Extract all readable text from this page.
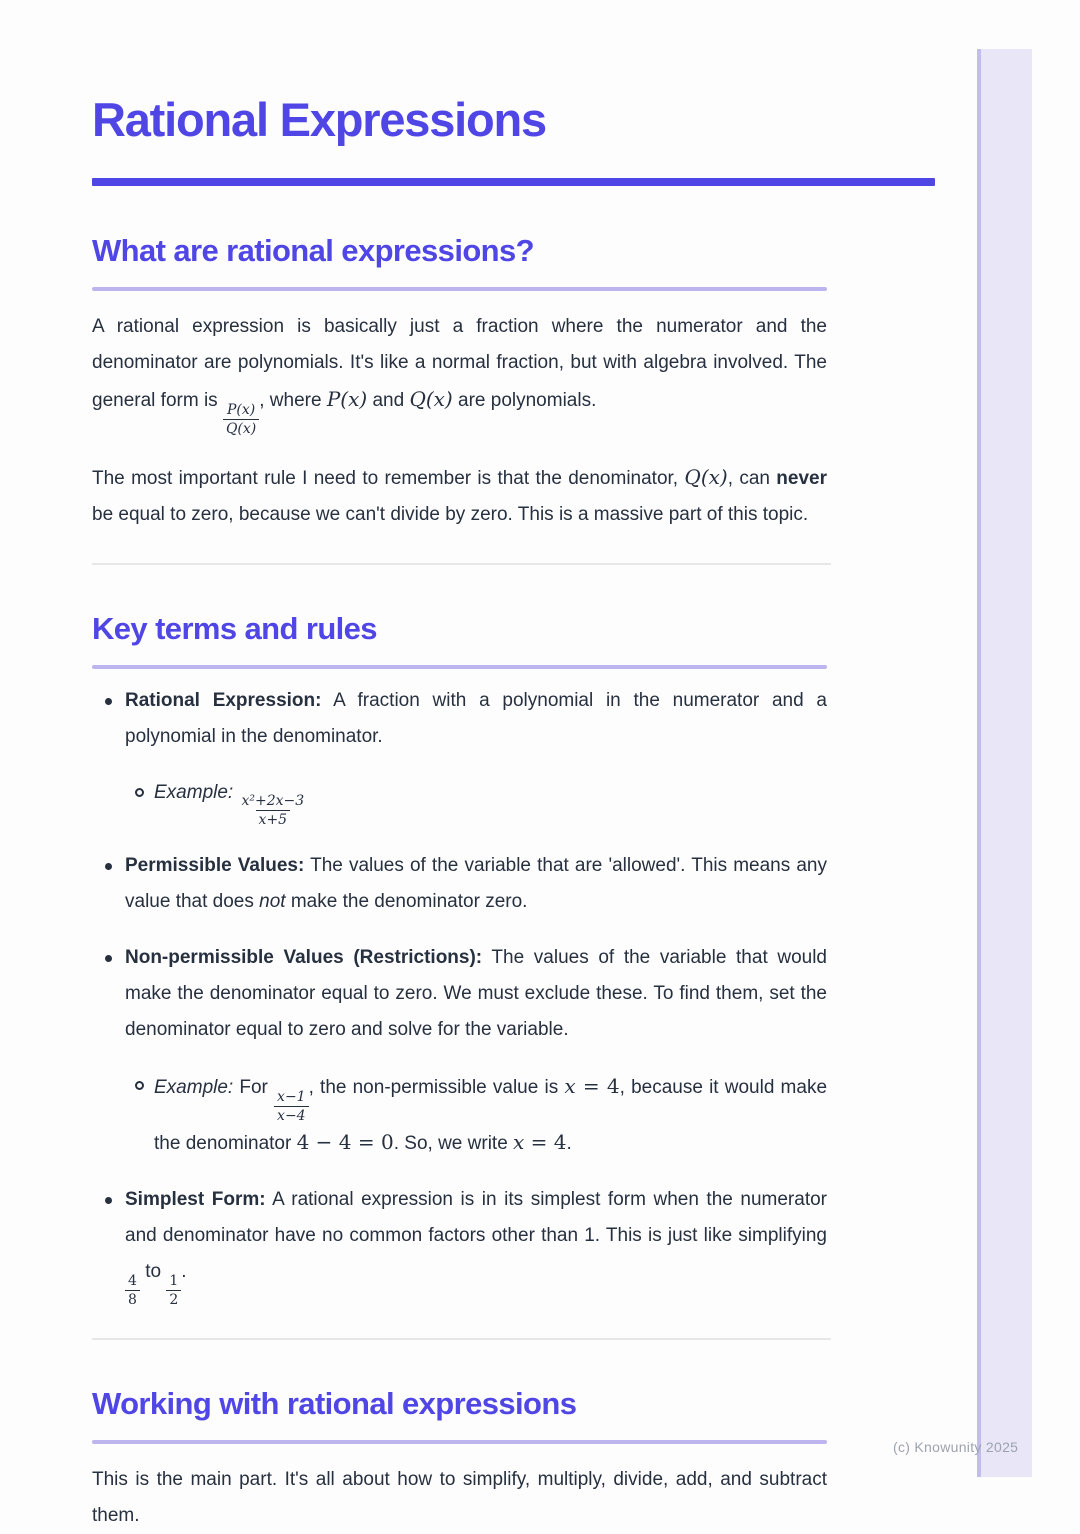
Rational Expressions
What are rational expressions?

A rational expression is basically just a fraction where the numerator and the denominator are polynomials. It's like a normal fraction, but with algebra involved. The general form is
$\frac{P(x)}{Q(x)}$
, where P(x) and Q(x) are polynomials.

The most important rule I need to remember is that the denominator, Q(x), can never be equal to zero, because we can't divide by zero. This is a massive part of this topic.

Key terms and rules
Rational Expression: A fraction with a polynomial in the numerator and a polynomial in the denominator.
Example:
$\frac{\text{x²+2x−3}}{x+5}$
Permissible Values: The values of the variable that are 'allowed'. This means any value that does not make the denominator zero.
Non-permissible Values (Restrictions): The values of the variable that would make the denominator equal to zero. We must exclude these. To find them, set the denominator equal to zero and solve for the variable.
Example: For
$\frac{x-1}{x-4}$
, the non-permissible value is x = 4, because it would make the denominator 4 − 4 = 0. So, we write x = 4.
Simplest Form: A rational expression is in its simplest form when the numerator and denominator have no common factors other than 1. This is just like simplifying
$\frac{4}{8}$
to
$\frac{1}{2}$
.
Working with rational expressions

This is the main part. It's all about how to simplify, multiply, divide, add, and subtract them.

(c) Knowunity 2025
